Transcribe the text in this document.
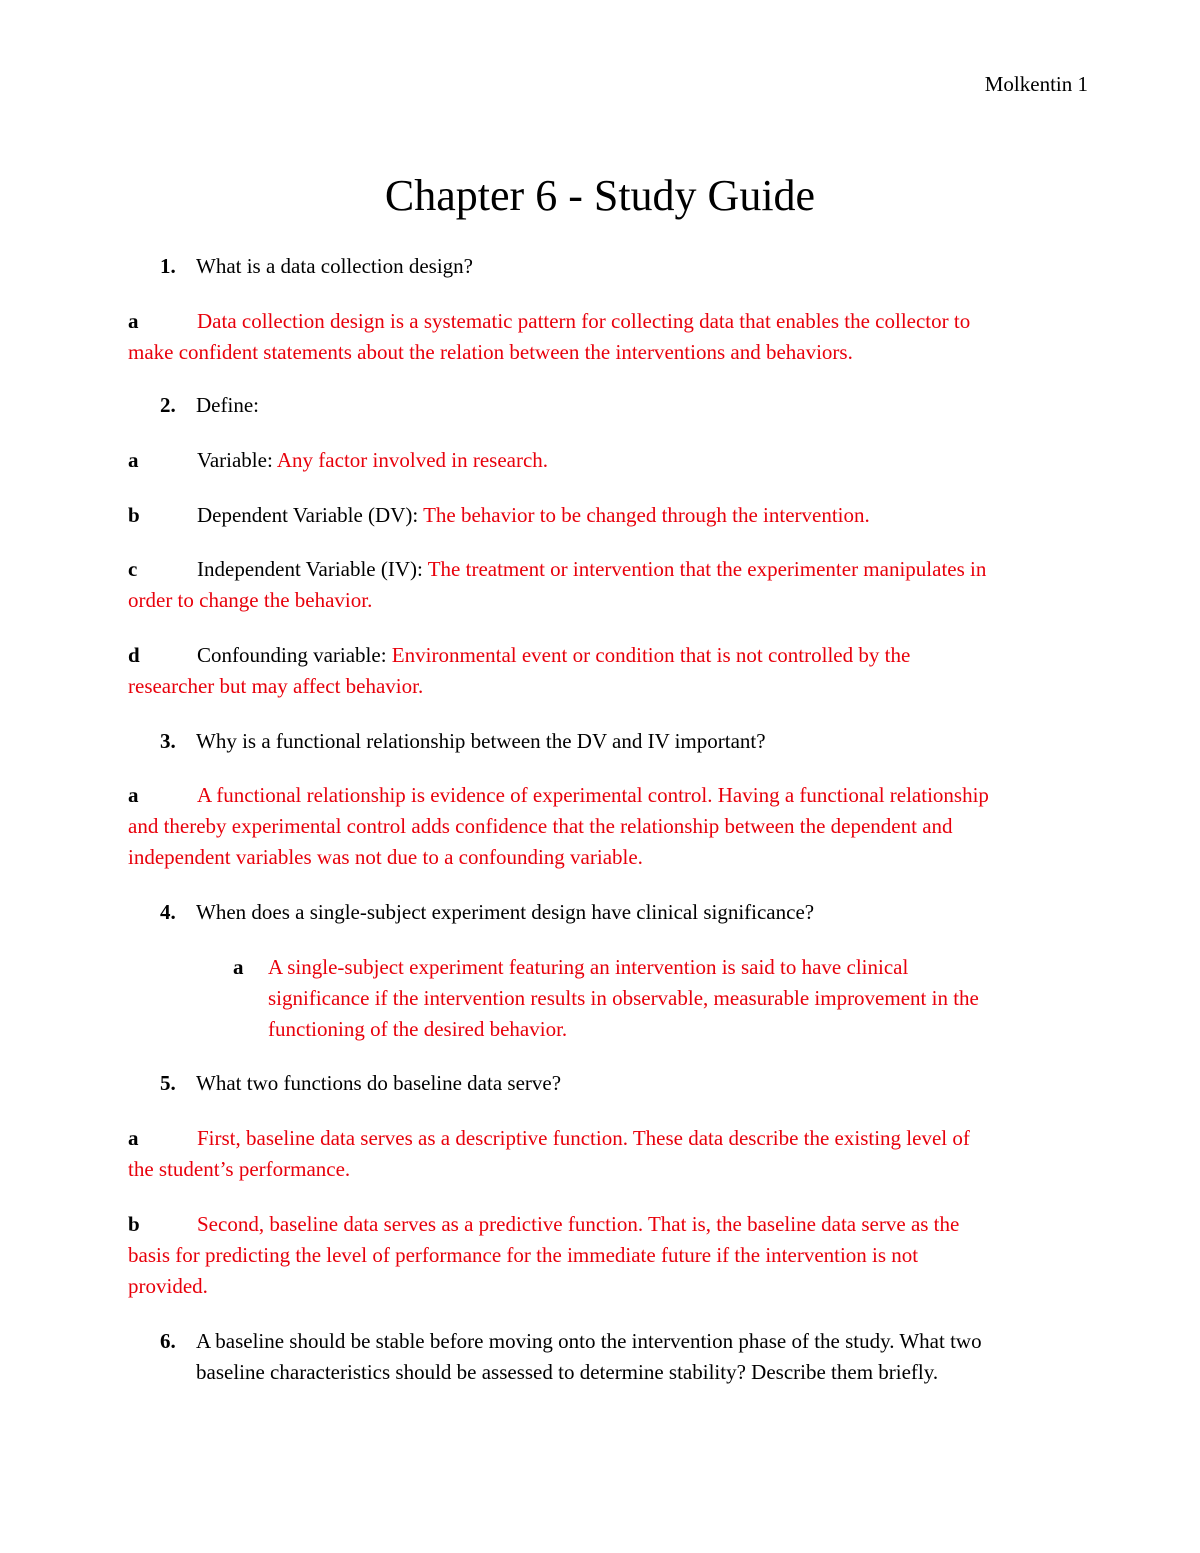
Molkentin 1
Chapter 6 - Study Guide
1. What is a data collection design?
a	Data collection design is a systematic pattern for collecting data that enables the collector to
make confident statements about the relation between the interventions and behaviors.
2. Define:
a	Variable: Any factor involved in research.
b	Dependent Variable (DV): The behavior to be changed through the intervention.
c	Independent Variable (IV): The treatment or intervention that the experimenter manipulates in
order to change the behavior.
d	Confounding variable: Environmental event or condition that is not controlled by the
researcher but may affect behavior.
3. Why is a functional relationship between the DV and IV important?
a	A functional relationship is evidence of experimental control. Having a functional relationship
and thereby experimental control adds confidence that the relationship between the dependent and
independent variables was not due to a confounding variable.
4. When does a single-subject experiment design have clinical significance?
a A single-subject experiment featuring an intervention is said to have clinical
significance if the intervention results in observable, measurable improvement in the
functioning of the desired behavior.
5. What two functions do baseline data serve?
a	First, baseline data serves as a descriptive function. These data describe the existing level of
the student’s performance.
b	Second, baseline data serves as a predictive function. That is, the baseline data serve as the
basis for predicting the level of performance for the immediate future if the intervention is not
provided.
6. A baseline should be stable before moving onto the intervention phase of the study. What two
baseline characteristics should be assessed to determine stability? Describe them briefly.
